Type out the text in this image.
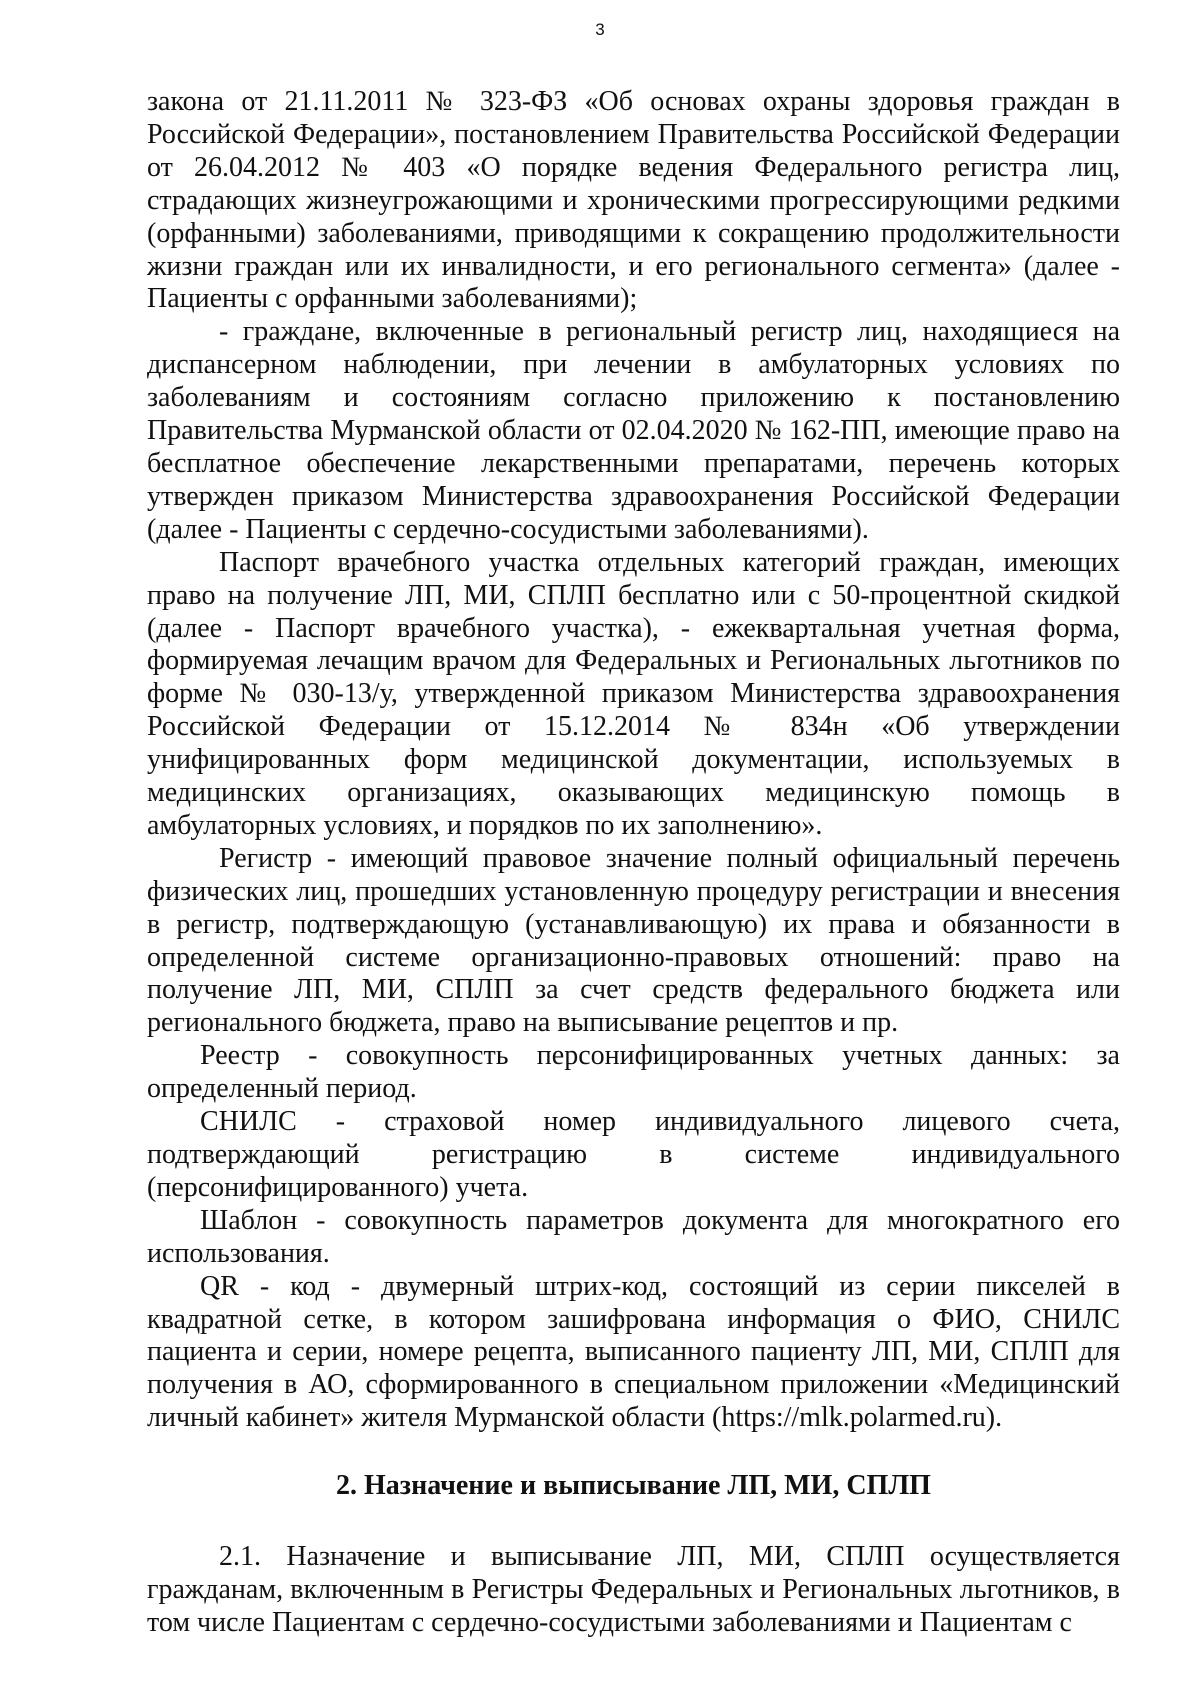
3

закона от 21.11.2011 № 323-ФЗ «Об основах охраны здоровья граждан в Российской Федерации», постановлением Правительства Российской Федерации от 26.04.2012 № 403 «О порядке ведения Федерального регистра лиц, страдающих жизнеугрожающими и хроническими прогрессирующими редкими (орфанными) заболеваниями, приводящими к сокращению продолжительности жизни граждан или их инвалидности, и его регионального сегмента» (далее - Пациенты с орфанными заболеваниями);

- граждане, включенные в региональный регистр лиц, находящиеся на диспансерном наблюдении, при лечении в амбулаторных условиях по заболеваниям и состояниям согласно приложению к постановлению Правительства Мурманской области от 02.04.2020 № 162-ПП, имеющие право на бесплатное обеспечение лекарственными препаратами, перечень которых утвержден приказом Министерства здравоохранения Российской Федерации (далее - Пациенты с сердечно-сосудистыми заболеваниями).

Паспорт врачебного участка отдельных категорий граждан, имеющих право на получение ЛП, МИ, СПЛП бесплатно или с 50-процентной скидкой (далее - Паспорт врачебного участка), - ежеквартальная учетная форма, формируемая лечащим врачом для Федеральных и Региональных льготников по форме № 030-13/у, утвержденной приказом Министерства здравоохранения Российской Федерации от 15.12.2014 № 834н «Об утверждении унифицированных форм медицинской документации, используемых в медицинских организациях, оказывающих медицинскую помощь в амбулаторных условиях, и порядков по их заполнению».

Регистр - имеющий правовое значение полный официальный перечень физических лиц, прошедших установленную процедуру регистрации и внесения в регистр, подтверждающую (устанавливающую) их права и обязанности в определенной системе организационно-правовых отношений: право на получение ЛП, МИ, СПЛП за счет средств федерального бюджета или регионального бюджета, право на выписывание рецептов и пр.

Реестр - совокупность персонифицированных учетных данных: за определенный период.

СНИЛС - страховой номер индивидуального лицевого счета, подтверждающий регистрацию в системе индивидуального (персонифицированного) учета.

Шаблон - совокупность параметров документа для многократного его использования.

QR - код - двумерный штрих-код, состоящий из серии пикселей в квадратной сетке, в котором зашифрована информация о ФИО, СНИЛС пациента и серии, номере рецепта, выписанного пациенту ЛП, МИ, СПЛП для получения в АО, сформированного в специальном приложении «Медицинский личный кабинет» жителя Мурманской области (https://mlk.polarmed.ru).

2. Назначение и выписывание ЛП, МИ, СПЛП

2.1. Назначение и выписывание ЛП, МИ, СПЛП осуществляется гражданам, включенным в Регистры Федеральных и Региональных льготников, в том числе Пациентам с сердечно-сосудистыми заболеваниями и Пациентам с
